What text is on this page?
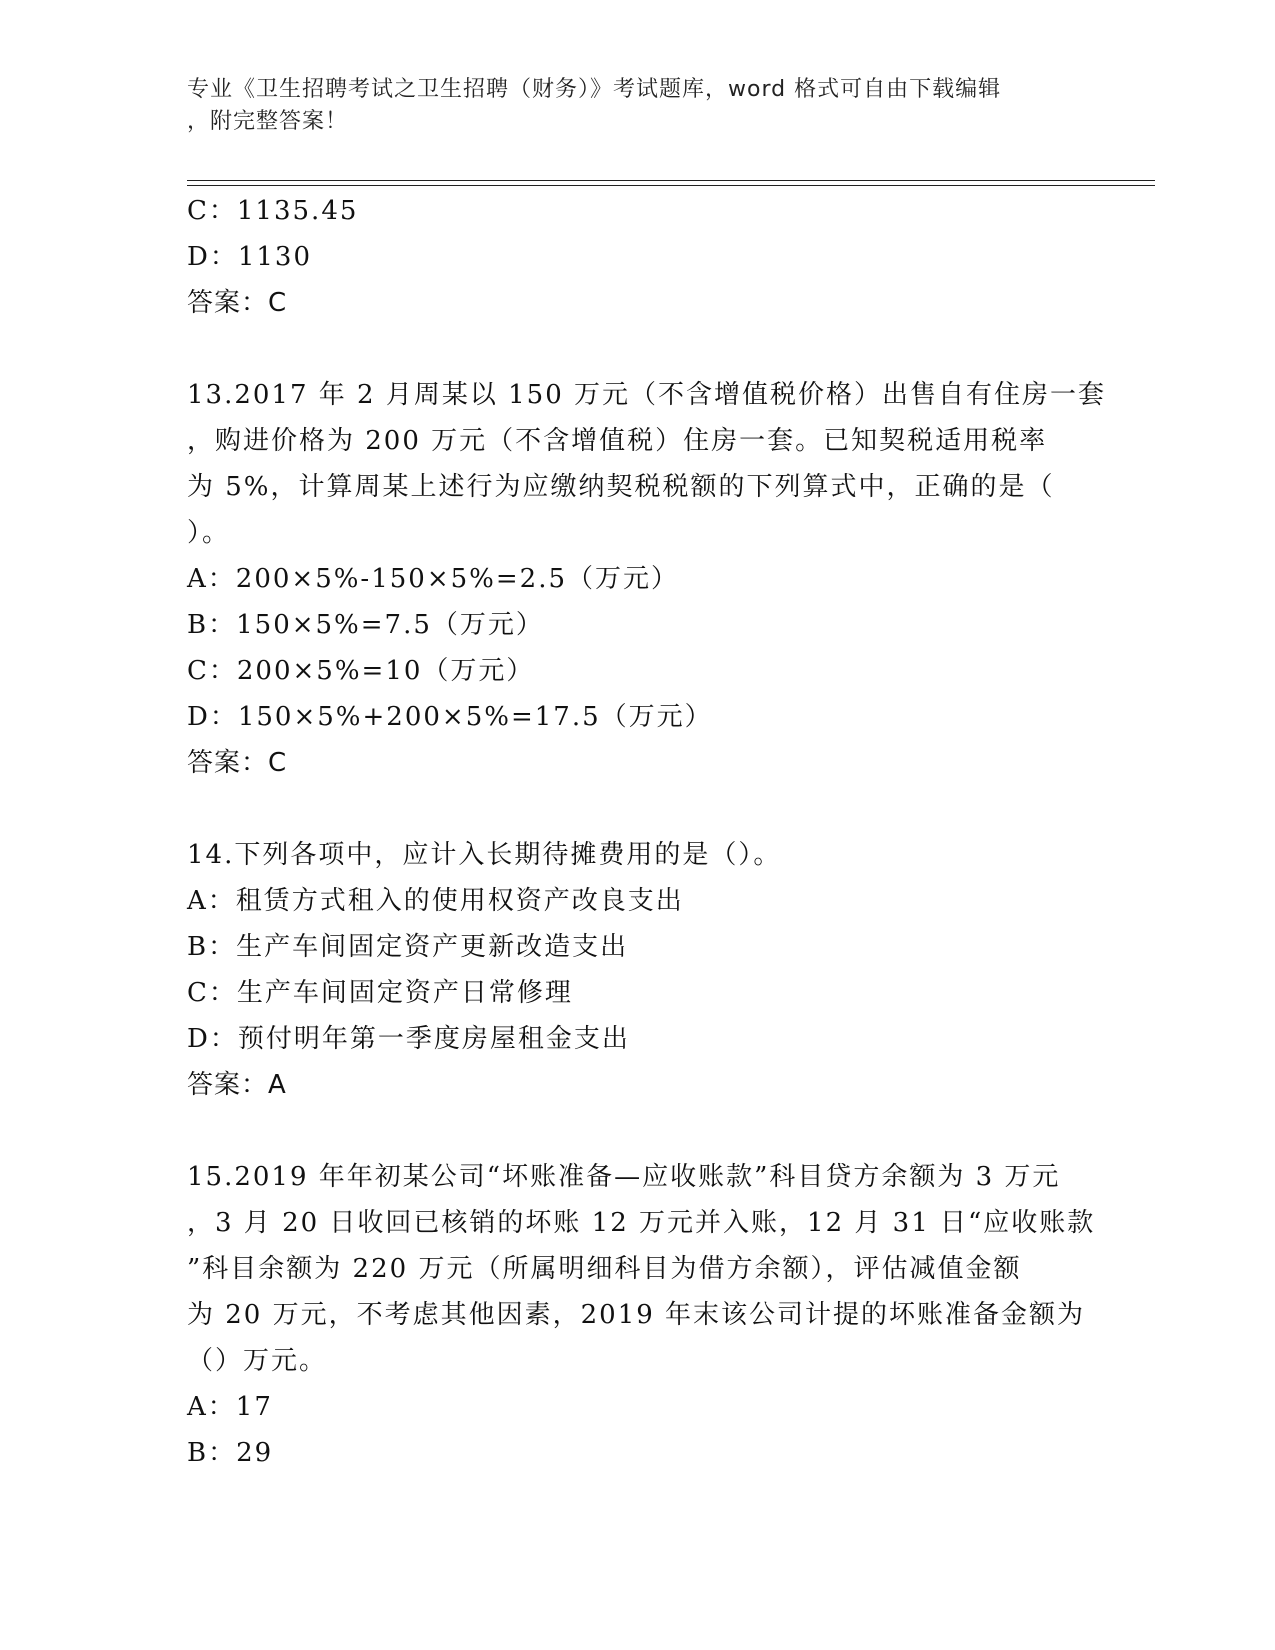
专业《卫生招聘考试之卫生招聘（财务）》考试题库，word 格式可自由下载编辑
，附完整答案！
C：1135.45
D：1130
答案：C
13.2017 年 2 月周某以 150 万元（不含增值税价格）出售自有住房一套
，购进价格为 200 万元（不含增值税）住房一套。已知契税适用税率
为 5%，计算周某上述行为应缴纳契税税额的下列算式中，正确的是（
）。
A：200×5%-150×5%=2.5（万元）
B：150×5%=7.5（万元）
C：200×5%=10（万元）
D：150×5%+200×5%=17.5（万元）
答案：C
14.下列各项中，应计入长期待摊费用的是（）。
A：租赁方式租入的使用权资产改良支出
B：生产车间固定资产更新改造支出
C：生产车间固定资产日常修理
D：预付明年第一季度房屋租金支出
答案：A
15.2019 年年初某公司“坏账准备—应收账款”科目贷方余额为 3 万元
，3 月 20 日收回已核销的坏账 12 万元并入账，12 月 31 日“应收账款
”科目余额为 220 万元（所属明细科目为借方余额），评估减值金额
为 20 万元，不考虑其他因素，2019 年末该公司计提的坏账准备金额为
（）万元。
A：17
B：29
